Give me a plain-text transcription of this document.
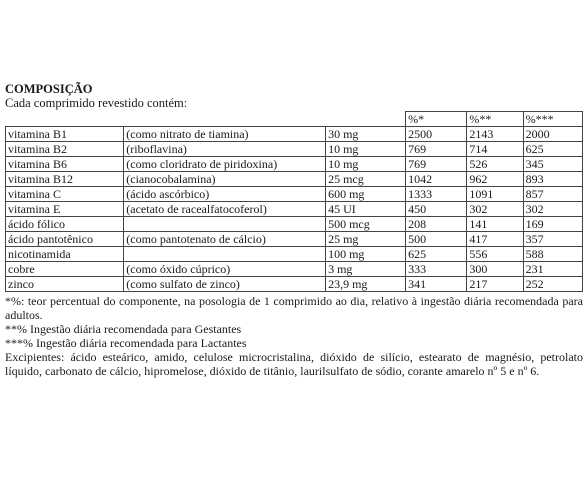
COMPOSIÇÃO

Cada comprimido revestido contém:

			%*	%**	%***
vitamina B1	(como nitrato de tiamina)	30 mg	2500	2143	2000
vitamina B2	(riboflavina)	10 mg	769	714	625
vitamina B6	(como cloridrato de piridoxina)	10 mg	769	526	345
vitamina B12	(cianocobalamina)	25 mcg	1042	962	893
vitamina C	(ácido ascórbico)	600 mg	1333	1091	857
vitamina E	(acetato de racealfatocoferol)	45 UI	450	302	302
ácido fólico		500 mcg	208	141	169
ácido pantotênico	(como pantotenato de cálcio)	25 mg	500	417	357
nicotinamida		100 mg	625	556	588
cobre	(como óxido cúprico)	3 mg	333	300	231
zinco	(como sulfato de zinco)	23,9 mg	341	217	252

*%: teor percentual do componente, na posologia de 1 comprimido ao dia, relativo à ingestão diária recomendada para adultos.

**% Ingestão diária recomendada para Gestantes

***% Ingestão diária recomendada para Lactantes

Excipientes: ácido esteárico, amido, celulose microcristalina, dióxido de silício, estearato de magnésio, petrolato líquido, carbonato de cálcio, hipromelose, dióxido de titânio, laurilsulfato de sódio, corante amarelo nº 5 e nº 6.
